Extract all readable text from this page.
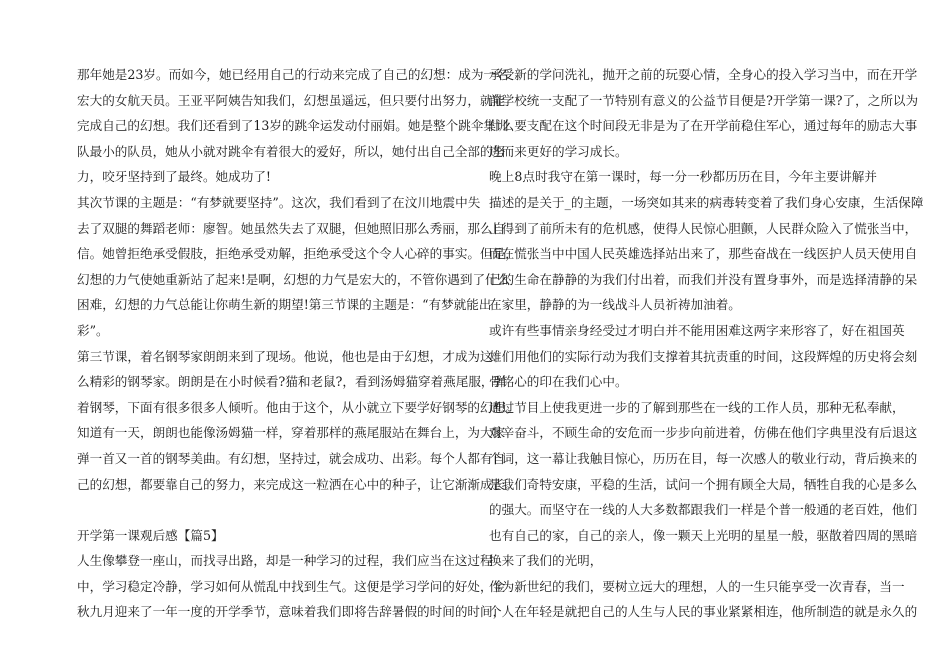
那年她是23岁。而如今，她已经用自己的行动来完成了自己的幻想：成为一名
宏大的女航天员。王亚平阿姨告知我们，幻想虽遥远，但只要付出努力，就能
完成自己的幻想。我们还看到了13岁的跳伞运发动付丽娟。她是整个跳伞集训
队最小的队员，她从小就对跳伞有着很大的爱好，所以，她付出自己全部的努
力，咬牙坚持到了最终。她成功了!
其次节课的主题是：“有梦就要坚持”。这次，我们看到了在汶川地震中失
去了双腿的舞蹈老师：廖智。她虽然失去了双腿，但她照旧那么秀丽，那么自
信。她曾拒绝承受假肢，拒绝承受劝解，拒绝承受这个令人心碎的事实。但是，
幻想的力气使她重新站了起来!是啊，幻想的力气是宏大的，不管你遇到了什么
困难，幻想的力气总能让你萌生新的期望!第三节课的主题是：“有梦就能出
彩”。
第三节课，着名钢琴家朗朗来到了现场。他说，他也是由于幻想，才成为这
么精彩的钢琴家。朗朗是在小时候看?猫和老鼠?，看到汤姆猫穿着燕尾服，弹
着钢琴，下面有很多很多人倾听。他由于这个，从小就立下要学好钢琴的幻想。
知道有一天，朗朗也能像汤姆猫一样，穿着那样的燕尾服站在舞台上，为大家
弹一首又一首的钢琴美曲。有幻想，坚持过，就会成功、出彩。每个人都有自
己的幻想，都要靠自己的努力，来完成这一粒洒在心中的种子，让它渐渐成长。
开学第一课观后感【篇5】
人生像攀登一座山，而找寻出路，却是一种学习的过程，我们应当在这过程
中，学习稳定冷静，学习如何从慌乱中找到生气。这便是学习学问的好处，金
秋九月迎来了一年一度的开学季节，意味着我们即将告辞暑假的时间的时间，
承受新的学问洗礼，抛开之前的玩耍心情，全身心的投入学习当中，而在开学
前学校统一支配了一节特别有意义的公益节目便是?开学第一课?了，之所以为
什么要支配在这个时间段无非是为了在开学前稳住军心，通过每年的励志大事
进而来更好的学习成长。
晚上8点时我守在第一课时，每一分一秒都历历在目，今年主要讲解并
描述的是关于_的主题，一场突如其来的病毒转变着了我们身心安康，生活保障
上得到了前所未有的危机感，使得人民惊心胆颤，人民群众险入了慌张当中，
而在慌张当中中国人民英雄选择站出来了，那些奋战在一线医护人员天使用自
己的生命在静静的为我们付出着，而我们并没有置身事外，而是选择清静的呆
在家里，静静的为一线战斗人员祈祷加油着。
或许有些事情亲身经受过才明白并不能用困难这两字来形容了，好在祖国英
雄们用他们的实际行动为我们支撑着其抗责重的时间，这段辉煌的历史将会刻
骨铭心的印在我们心中。
通过节目上使我更进一步的了解到那些在一线的工作人员，那种无私奉献，
艰辛奋斗，不顾生命的安危而一步步向前进着，仿佛在他们字典里没有后退这
个词，这一幕让我触目惊心，历历在目，每一次感人的敬业行动，背后换来的
是我们奇特安康，平稳的生活，试问一个拥有顾全大局，牺牲自我的心是多么
的强大。而坚守在一线的人大多数都跟我们一样是个普一般通的老百姓，他们
也有自己的家，自己的亲人，像一颗天上光明的星星一般，驱散着四周的黑暗
换来了我们的光明，
作为新世纪的我们，要树立远大的理想，人的一生只能享受一次青春，当一
个人在年轻是就把自己的人生与人民的事业紧紧相连，他所制造的就是永久的
